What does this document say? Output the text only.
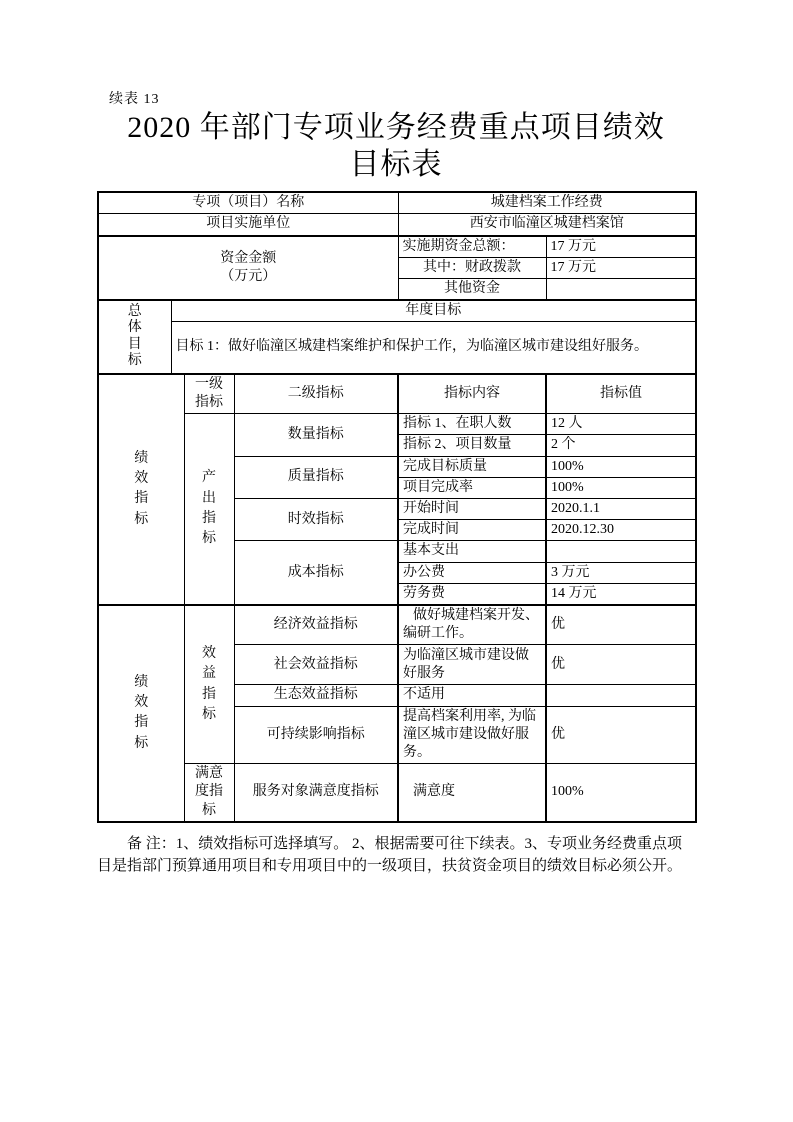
续表 13
2020 年部门专项业务经费重点项目绩效目标表
专项（项目）名称				城建档案工作经费	
项目实施单位				西安市临潼区城建档案馆	

资金金额
（万元）				实施期资金总额：	17 万元
				其中：财政拨款	17 万元
				其他资金	

总体目标	年度目标				
	目标 1：做好临潼区城建档案维护和保护工作，为临潼区城市建设组好服务。				

绩效指标		一级指标	二级指标	指标内容	指标值

		产出指标	数量指标	指标 1、在职人数	12 人
				指标 2、项目数量	2 个
			质量指标	完成目标质量	100%
				项目完成率	100%
			时效指标	开始时间	2020.1.1
				完成时间	2020.12.30
			成本指标	基本支出	
				办公费	3 万元
				劳务费	14 万元

绩效指标		效益指标	经济效益指标	做好城建档案开发、编研工作。	优
			社会效益指标	为临潼区城市建设做好服务	优
			生态效益指标	不适用	
			可持续影响指标	提高档案利用率, 为临潼区城市建设做好服务。	优
		满意度指标	服务对象满意度指标	满意度	100%
备 注：1、绩效指标可选择填写。 2、根据需要可往下续表。3、专项业务经费重点项目是指部门预算通用项目和专用项目中的一级项目，扶贫资金项目的绩效目标必须公开。
